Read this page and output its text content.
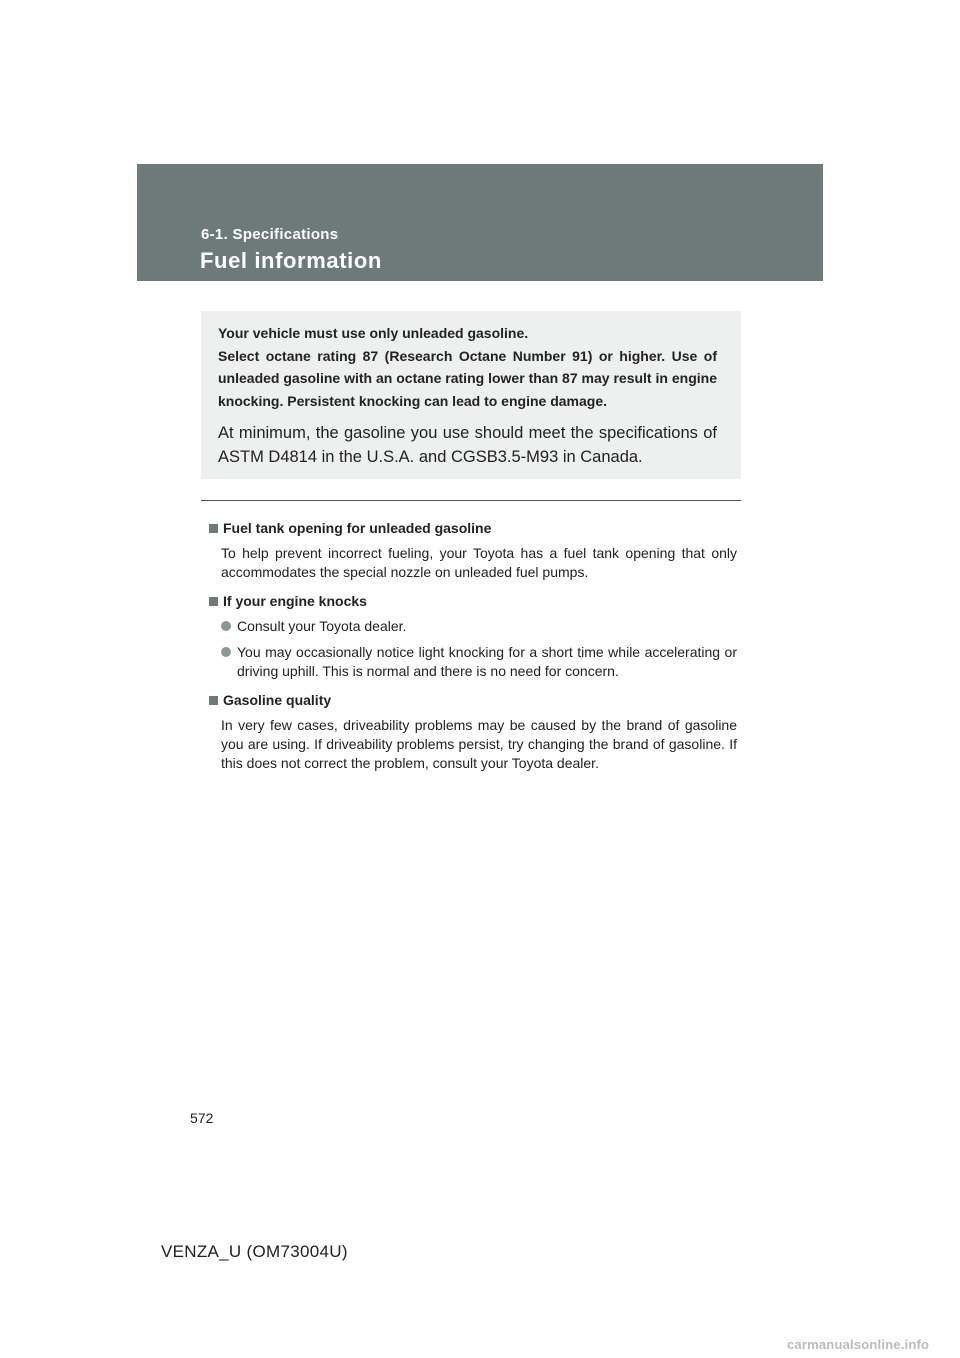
6-1. Specifications
Fuel information

Your vehicle must use only unleaded gasoline.

Select octane rating 87 (Research Octane Number 91) or higher. Use of unleaded gasoline with an octane rating lower than 87 may result in engine knocking. Persistent knocking can lead to engine damage.

At minimum, the gasoline you use should meet the specifications of ASTM D4814 in the U.S.A. and CGSB3.5-M93 in Canada.

Fuel tank opening for unleaded gasoline

To help prevent incorrect fueling, your Toyota has a fuel tank opening that only accommodates the special nozzle on unleaded fuel pumps.

If your engine knocks
Consult your Toyota dealer.
You may occasionally notice light knocking for a short time while accelerating or driving uphill. This is normal and there is no need for concern.
Gasoline quality

In very few cases, driveability problems may be caused by the brand of gasoline you are using. If driveability problems persist, try changing the brand of gasoline. If this does not correct the problem, consult your Toyota dealer.

572
VENZA_U (OM73004U)
carmanualsonline.info
